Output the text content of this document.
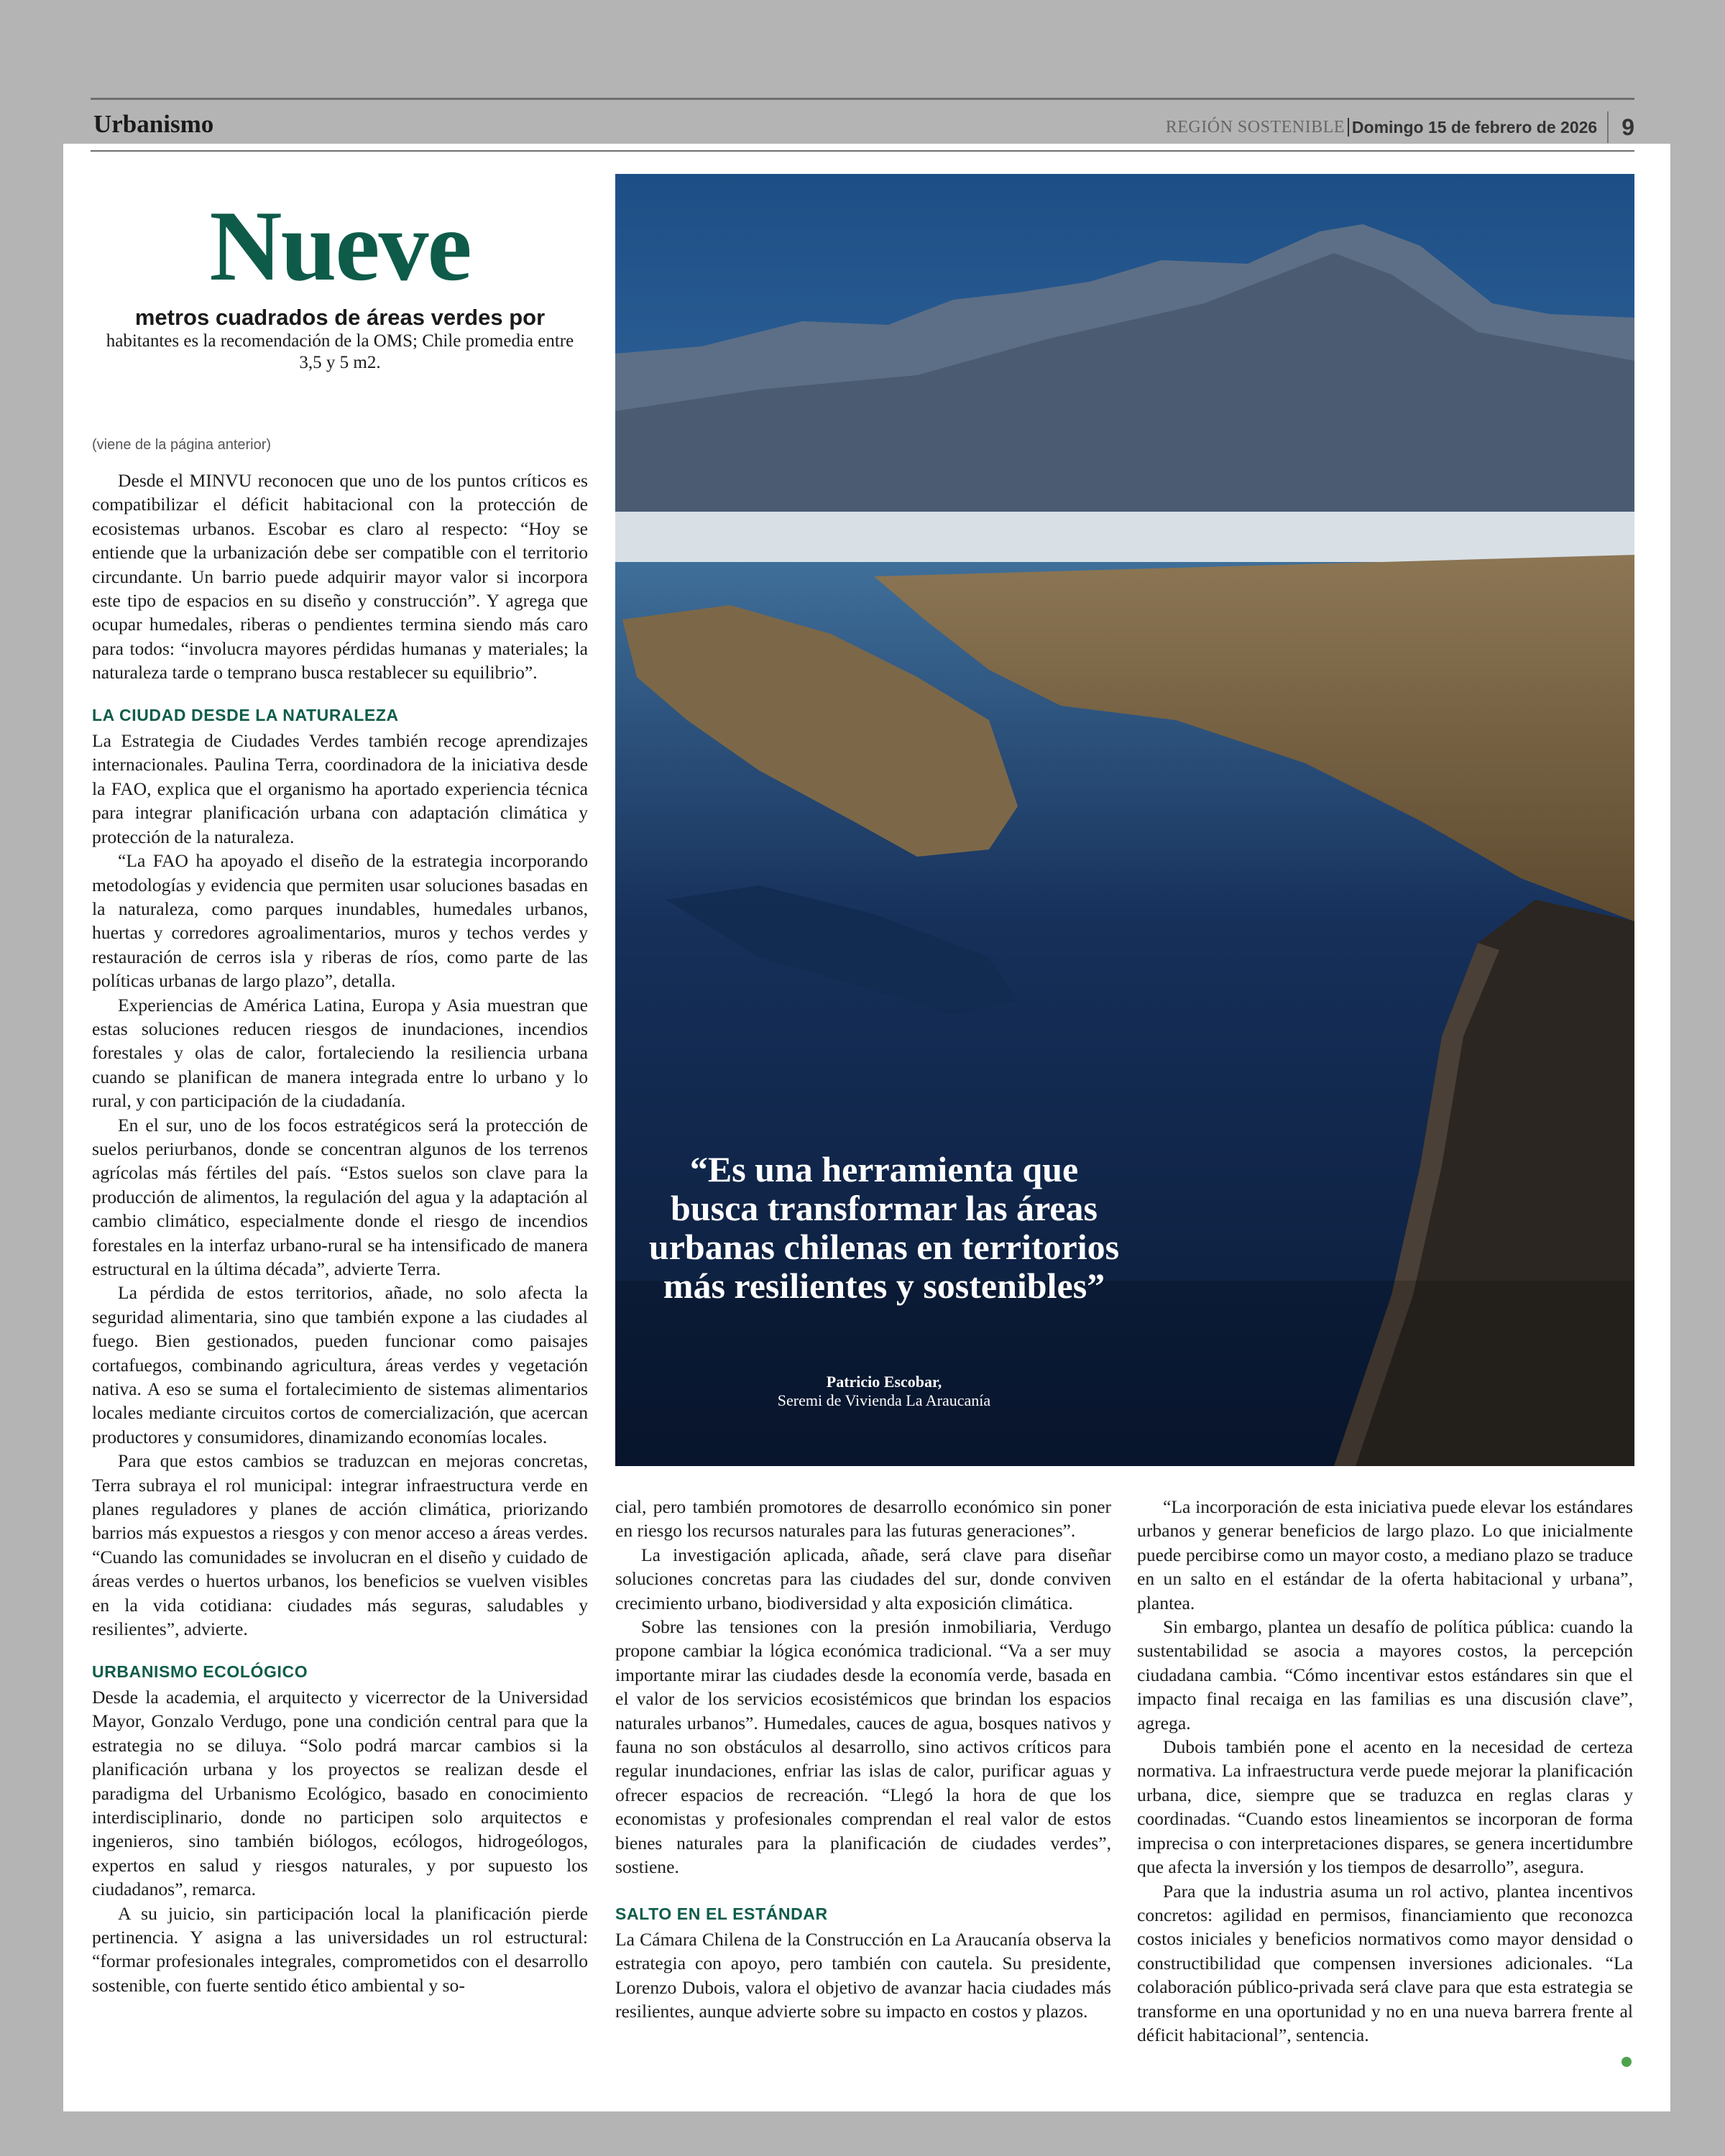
Urbanismo	REGIÓN SOSTENIBLE Domingo 15 de febrero de 2026 9
Nueve
metros cuadrados de áreas verdes por
habitantes es la recomendación de la OMS; Chile promedia entre 3,5 y 5 m2.
(viene de la página anterior)

Desde el MINVU reconocen que uno de los puntos críticos es compatibilizar el déficit habitacional con la protección de ecosistemas urbanos. Escobar es claro al respecto: “Hoy se entiende que la urbanización debe ser compatible con el territorio circundante. Un barrio puede adquirir mayor valor si incorpora este tipo de espacios en su diseño y construcción”. Y agrega que ocupar humedales, riberas o pendientes termina siendo más caro para todos: “involucra mayores pérdidas humanas y materiales; la naturaleza tarde o temprano busca restablecer su equilibrio”.

LA CIUDAD DESDE LA NATURALEZA

La Estrategia de Ciudades Verdes también recoge aprendizajes internacionales. Paulina Terra, coordinadora de la iniciativa desde la FAO, explica que el organismo ha aportado experiencia técnica para integrar planificación urbana con adaptación climática y protección de la naturaleza.

“La FAO ha apoyado el diseño de la estrategia incorporando metodologías y evidencia que permiten usar soluciones basadas en la naturaleza, como parques inundables, humedales urbanos, huertas y corredores agroalimentarios, muros y techos verdes y restauración de cerros isla y riberas de ríos, como parte de las políticas urbanas de largo plazo”, detalla.

Experiencias de América Latina, Europa y Asia muestran que estas soluciones reducen riesgos de inundaciones, incendios forestales y olas de calor, fortaleciendo la resiliencia urbana cuando se planifican de manera integrada entre lo urbano y lo rural, y con participación de la ciudadanía.

En el sur, uno de los focos estratégicos será la protección de suelos periurbanos, donde se concentran algunos de los terrenos agrícolas más fértiles del país. “Estos suelos son clave para la producción de alimentos, la regulación del agua y la adaptación al cambio climático, especialmente donde el riesgo de incendios forestales en la interfaz urbano-rural se ha intensificado de manera estructural en la última década”, advierte Terra.

La pérdida de estos territorios, añade, no solo afecta la seguridad alimentaria, sino que también expone a las ciudades al fuego. Bien gestionados, pueden funcionar como paisajes cortafuegos, combinando agricultura, áreas verdes y vegetación nativa. A eso se suma el fortalecimiento de sistemas alimentarios locales mediante circuitos cortos de comercialización, que acercan productores y consumidores, dinamizando economías locales.

Para que estos cambios se traduzcan en mejoras concretas, Terra subraya el rol municipal: integrar infraestructura verde en planes reguladores y planes de acción climática, priorizando barrios más expuestos a riesgos y con menor acceso a áreas verdes. “Cuando las comunidades se involucran en el diseño y cuidado de áreas verdes o huertos urbanos, los beneficios se vuelven visibles en la vida cotidiana: ciudades más seguras, saludables y resilientes”, advierte.

URBANISMO ECOLÓGICO

Desde la academia, el arquitecto y vicerrector de la Universidad Mayor, Gonzalo Verdugo, pone una condición central para que la estrategia no se diluya. “Solo podrá marcar cambios si la planificación urbana y los proyectos se realizan desde el paradigma del Urbanismo Ecológico, basado en conocimiento interdisciplinario, donde no participen solo arquitectos e ingenieros, sino también biólogos, ecólogos, hidrogeólogos, expertos en salud y riesgos naturales, y por supuesto los ciudadanos”, remarca.

A su juicio, sin participación local la planificación pierde pertinencia. Y asigna a las universidades un rol estructural: “formar profesionales integrales, comprometidos con el desarrollo sostenible, con fuerte sentido ético ambiental y so-

“Es una herramienta que busca transformar las áreas urbanas chilenas en territorios más resilientes y sostenibles”
Patricio Escobar,
Seremi de Vivienda La Araucanía

cial, pero también promotores de desarrollo económico sin poner en riesgo los recursos naturales para las futuras generaciones”.

La investigación aplicada, añade, será clave para diseñar soluciones concretas para las ciudades del sur, donde conviven crecimiento urbano, biodiversidad y alta exposición climática.

Sobre las tensiones con la presión inmobiliaria, Verdugo propone cambiar la lógica económica tradicional. “Va a ser muy importante mirar las ciudades desde la economía verde, basada en el valor de los servicios ecosistémicos que brindan los espacios naturales urbanos”. Humedales, cauces de agua, bosques nativos y fauna no son obstáculos al desarrollo, sino activos críticos para regular inundaciones, enfriar las islas de calor, purificar aguas y ofrecer espacios de recreación. “Llegó la hora de que los economistas y profesionales comprendan el real valor de estos bienes naturales para la planificación de ciudades verdes”, sostiene.

SALTO EN EL ESTÁNDAR

La Cámara Chilena de la Construcción en La Araucanía observa la estrategia con apoyo, pero también con cautela. Su presidente, Lorenzo Dubois, valora el objetivo de avanzar hacia ciudades más resilientes, aunque advierte sobre su impacto en costos y plazos.

“La incorporación de esta iniciativa puede elevar los estándares urbanos y generar beneficios de largo plazo. Lo que inicialmente puede percibirse como un mayor costo, a mediano plazo se traduce en un salto en el estándar de la oferta habitacional y urbana”, plantea.

Sin embargo, plantea un desafío de política pública: cuando la sustentabilidad se asocia a mayores costos, la percepción ciudadana cambia. “Cómo incentivar estos estándares sin que el impacto final recaiga en las familias es una discusión clave”, agrega.

Dubois también pone el acento en la necesidad de certeza normativa. La infraestructura verde puede mejorar la planificación urbana, dice, siempre que se traduzca en reglas claras y coordinadas. “Cuando estos lineamientos se incorporan de forma imprecisa o con interpretaciones dispares, se genera incertidumbre que afecta la inversión y los tiempos de desarrollo”, asegura.

Para que la industria asuma un rol activo, plantea incentivos concretos: agilidad en permisos, financiamiento que reconozca costos iniciales y beneficios normativos como mayor densidad o constructibilidad que compensen inversiones adicionales. “La colaboración público-privada será clave para que esta estrategia se transforme en una oportunidad y no en una nueva barrera frente al déficit habitacional”, sentencia.
